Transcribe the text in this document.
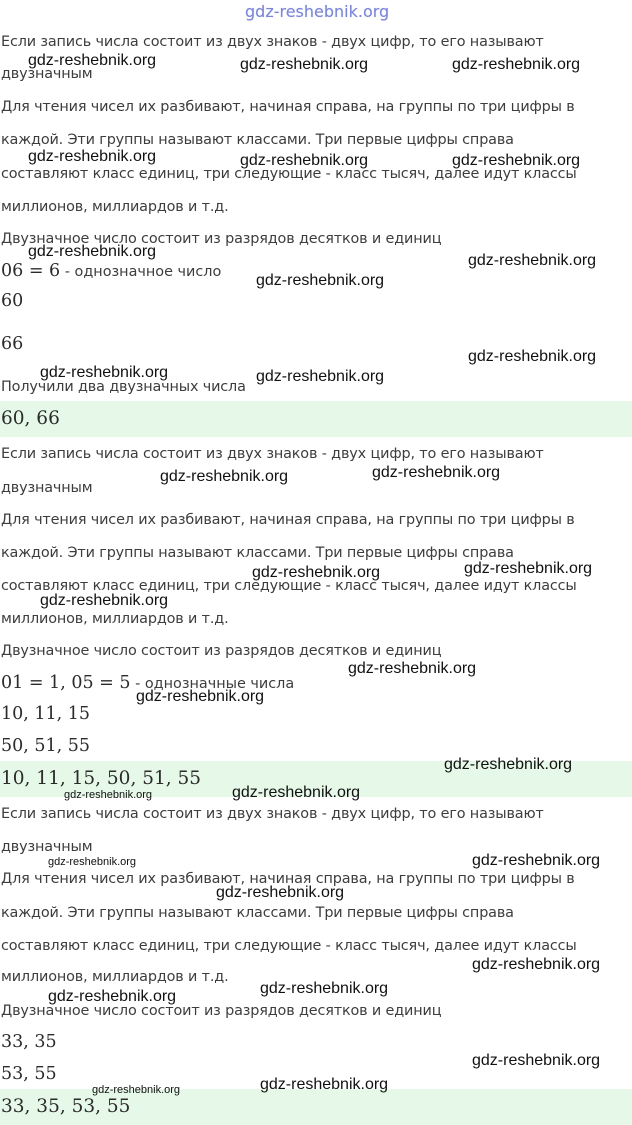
gdz-reshebnik.org
Если запись числа состоит из двух знаков - двух цифр, то его называют
двузначным
Для чтения чисел их разбивают, начиная справа, на группы по три цифры в
каждой. Эти группы называют классами. Три первые цифры справа
составляют класс единиц, три следующие - класс тысяч, далее идут классы
миллионов, миллиардов и т.д.
Двузначное число состоит из разрядов десятков и единиц
06 = 6 - однозначное число
60
66
Получили два двузначных числа
60, 66
Если запись числа состоит из двух знаков - двух цифр, то его называют
двузначным
Для чтения чисел их разбивают, начиная справа, на группы по три цифры в
каждой. Эти группы называют классами. Три первые цифры справа
составляют класс единиц, три следующие - класс тысяч, далее идут классы
миллионов, миллиардов и т.д.
Двузначное число состоит из разрядов десятков и единиц
01 = 1, 05 = 5 - однозначные числа
10, 11, 15
50, 51, 55
10, 11, 15, 50, 51, 55
Если запись числа состоит из двух знаков - двух цифр, то его называют
двузначным
Для чтения чисел их разбивают, начиная справа, на группы по три цифры в
каждой. Эти группы называют классами. Три первые цифры справа
составляют класс единиц, три следующие - класс тысяч, далее идут классы
миллионов, миллиардов и т.д.
Двузначное число состоит из разрядов десятков и единиц
33, 35
53, 55
33, 35, 53, 55
gdz-reshebnik.org	gdz-reshebnik.org	gdz-reshebnik.org
gdz-reshebnik.org	gdz-reshebnik.org	gdz-reshebnik.org
gdz-reshebnik.org
gdz-reshebnik.org
gdz-reshebnik.org
gdz-reshebnik.org
gdz-reshebnik.org	gdz-reshebnik.org
gdz-reshebnik.org
gdz-reshebnik.org
gdz-reshebnik.org
gdz-reshebnik.org
gdz-reshebnik.org
gdz-reshebnik.org
gdz-reshebnik.org
gdz-reshebnik.org
gdz-reshebnik.org	gdz-reshebnik.org
gdz-reshebnik.org	gdz-reshebnik.org
gdz-reshebnik.org
gdz-reshebnik.org
gdz-reshebnik.org
gdz-reshebnik.org
gdz-reshebnik.org
gdz-reshebnik.org
gdz-reshebnik.org
